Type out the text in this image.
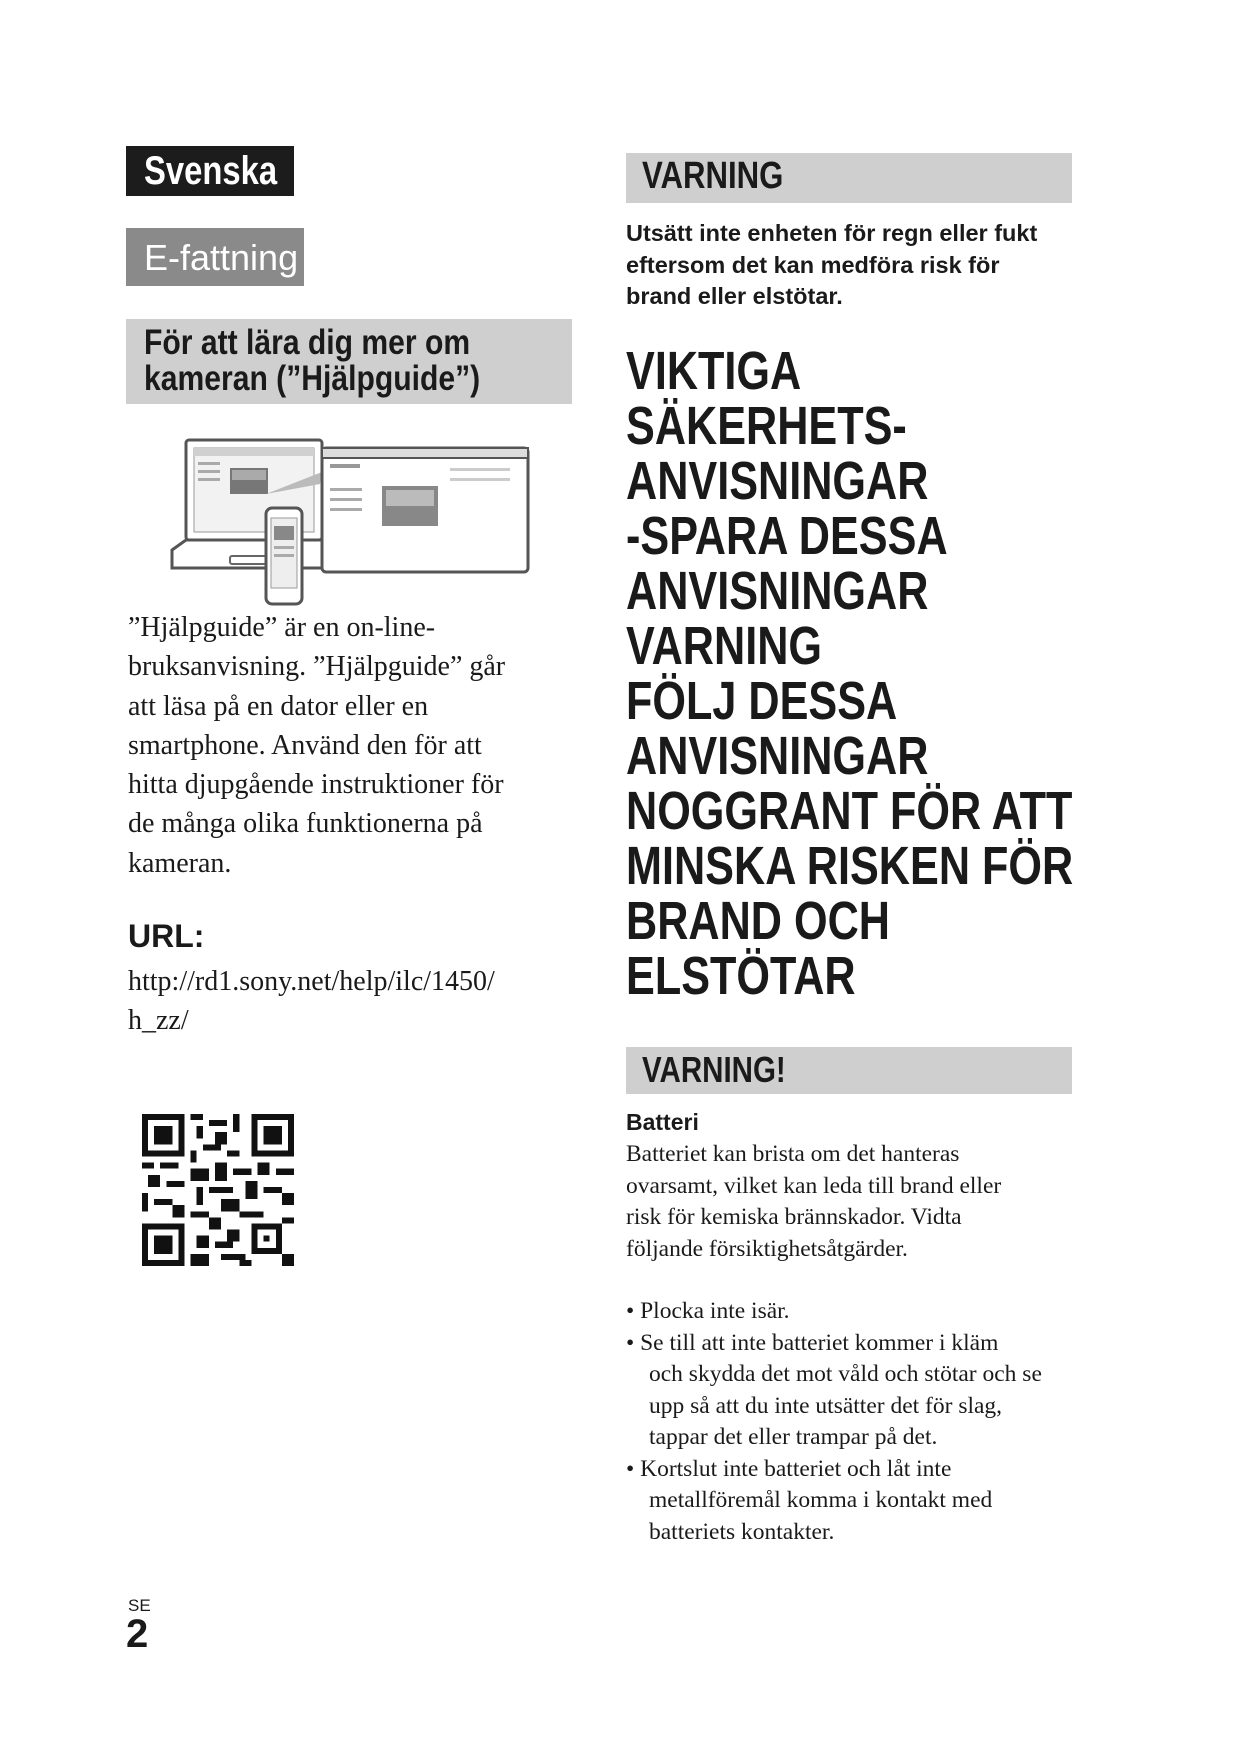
Svenska
E-fattning
För att lära dig mer om
kameran (”Hjälpguide”)

”Hjälpguide” är en on-line-
bruksanvisning. ”Hjälpguide” går
att läsa på en dator eller en
smartphone. Använd den för att
hitta djupgående instruktioner för
de många olika funktionerna på
kameran.

URL:
http://rd1.sony.net/help/ilc/1450/
h_zz/
SE
2
VARNING
Utsätt inte enheten för regn eller fukt
eftersom det kan medföra risk för
brand eller elstötar.
VIKTIGA
SÄKERHETS-
ANVISNINGAR
-SPARA DESSA
ANVISNINGAR
VARNING
FÖLJ DESSA
ANVISNINGAR
NOGGRANT FÖR ATT
MINSKA RISKEN FÖR
BRAND OCH
ELSTÖTAR
VARNING!
Batteri
Batteriet kan brista om det hanteras
ovarsamt, vilket kan leda till brand eller
risk för kemiska brännskador. Vidta
följande försiktighetsåtgärder.
• Plocka inte isär.
• Se till att inte batteriet kommer i kläm
och skydda det mot våld och stötar och se
upp så att du inte utsätter det för slag,
tappar det eller trampar på det.
• Kortslut inte batteriet och låt inte
metallföremål komma i kontakt med
batteriets kontakter.
